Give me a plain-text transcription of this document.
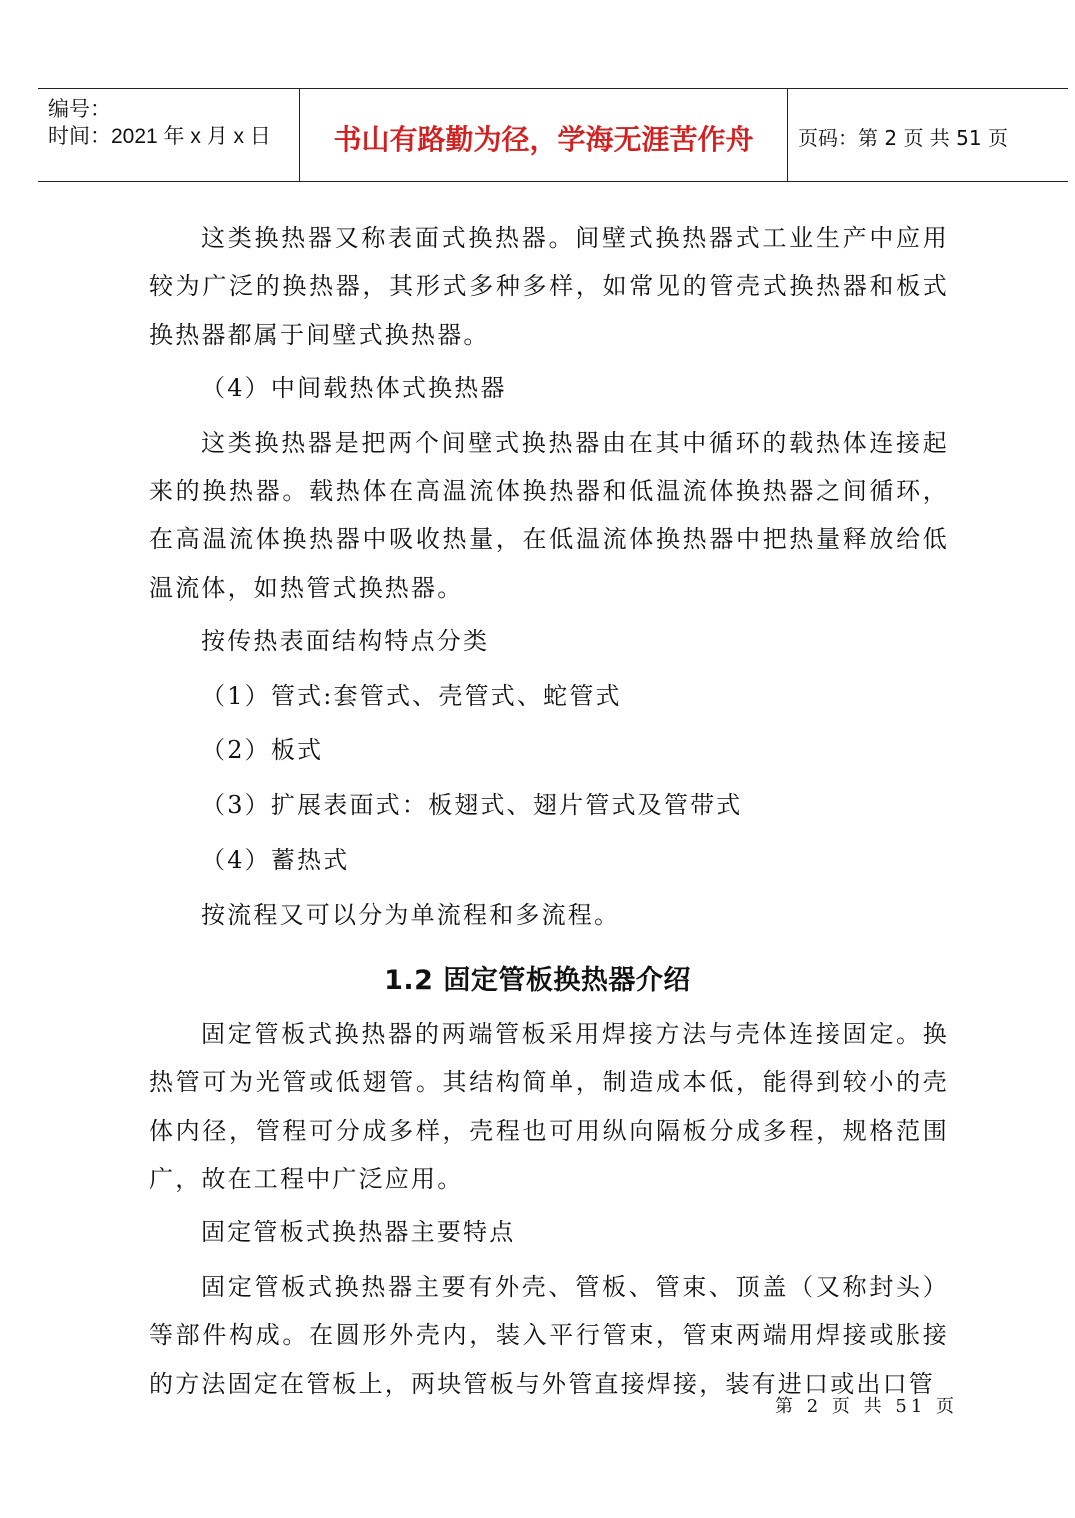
编号：
时间：2021 年 x 月 x 日	书山有路勤为径，学海无涯苦作舟	页码：第 2 页 共 51 页

这类换热器又称表面式换热器。间壁式换热器式工业生产中应用较为广泛的换热器，其形式多种多样，如常见的管壳式换热器和板式换热器都属于间壁式换热器。

（4）中间载热体式换热器

这类换热器是把两个间壁式换热器由在其中循环的载热体连接起来的换热器。载热体在高温流体换热器和低温流体换热器之间循环，在高温流体换热器中吸收热量，在低温流体换热器中把热量释放给低温流体，如热管式换热器。

按传热表面结构特点分类

（1）管式:套管式、壳管式、蛇管式

（2）板式

（3）扩展表面式：板翅式、翅片管式及管带式

（4）蓄热式

按流程又可以分为单流程和多流程。

1.2 固定管板换热器介绍

固定管板式换热器的两端管板采用焊接方法与壳体连接固定。换热管可为光管或低翅管。其结构简单，制造成本低，能得到较小的壳体内径，管程可分成多样，壳程也可用纵向隔板分成多程，规格范围广，故在工程中广泛应用。

固定管板式换热器主要特点

固定管板式换热器主要有外壳、管板、管束、顶盖（又称封头）等部件构成。在圆形外壳内，装入平行管束，管束两端用焊接或胀接的方法固定在管板上，两块管板与外管直接焊接，装有进口或出口管

第 2 页 共 51 页
